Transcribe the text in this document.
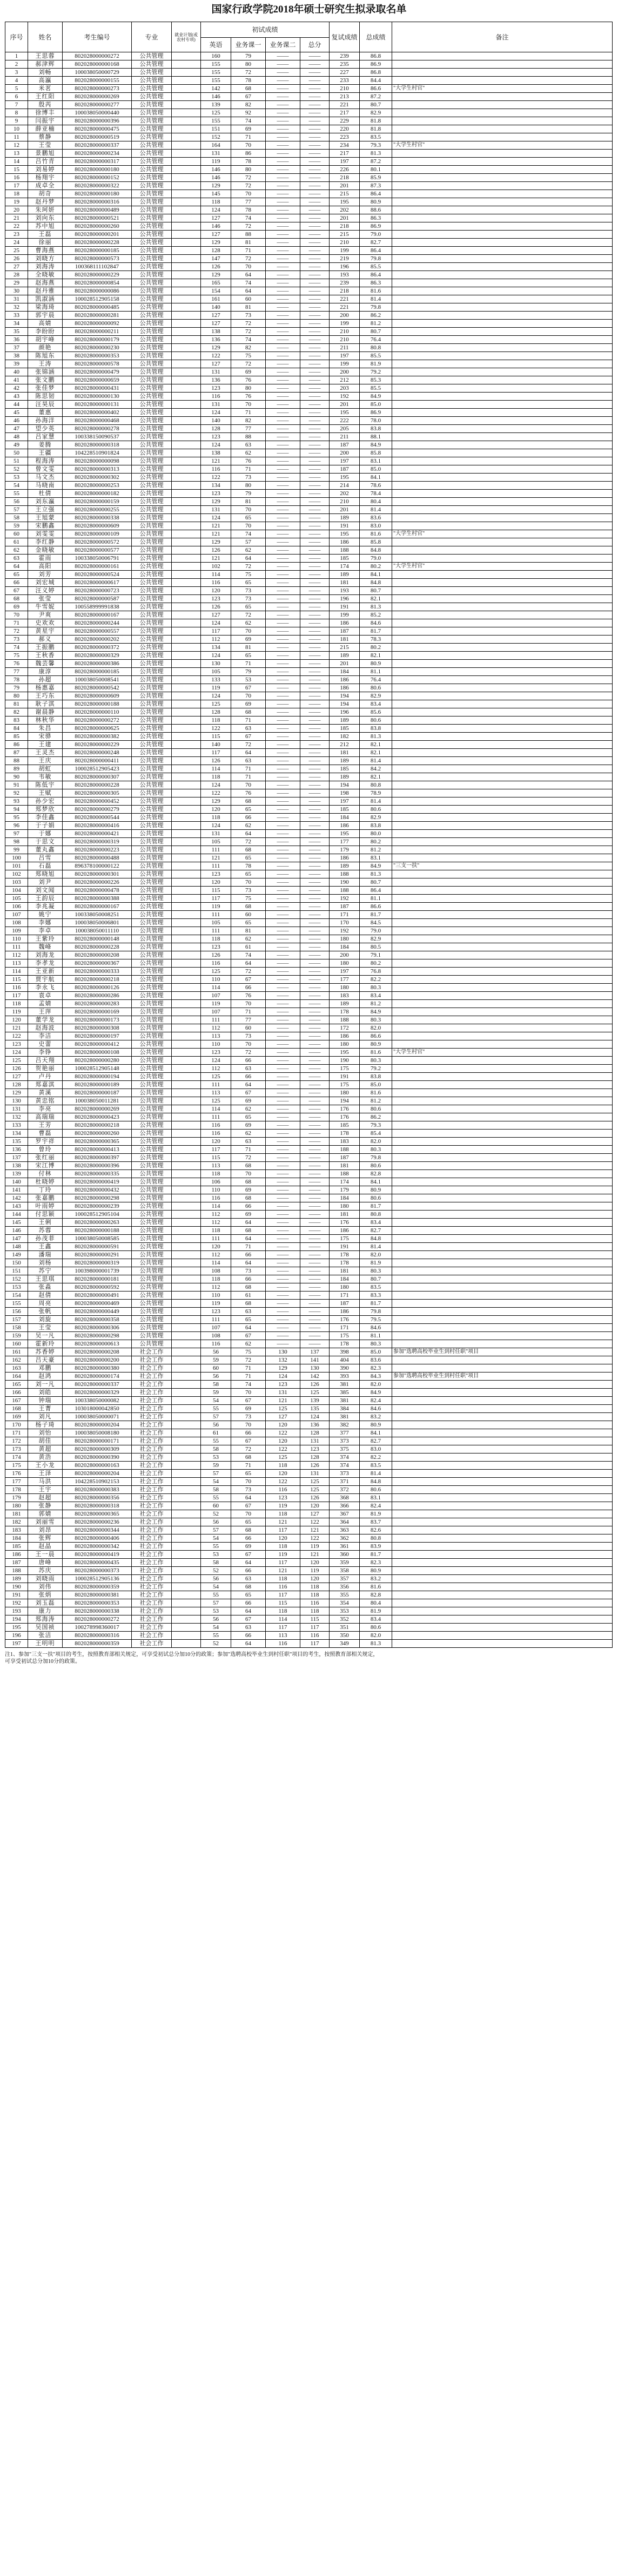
国家行政学院2018年硕士研究生拟录取名单
序号	姓名	考生编号	专业	就业计划(或农村专项)	初试成绩				复试成绩	总成绩	备注
					英语	业务课一	业务课二	总分			
1	王思蓉	802028000000272	公共管理		160	79	——	——	239	86.8	
2	郝津辉	802028000000168	公共管理		155	80	——	——	235	86.9	
3	刘畅	100038050000729	公共管理		155	72	——	——	227	86.8	
4	高瀛	802028000000155	公共管理		155	78	——	——	233	84.4	
5	米茗	802028000000273	公共管理		142	68	——	——	210	86.6	"大学生村官"
6	王红阳	802028000000269	公共管理		146	67	——	——	213	87.2	
7	殷芮	802028000000277	公共管理		139	82	——	——	221	80.7	
8	徐博丰	100038050000440	公共管理		125	92	——	——	217	82.9	
9	闫振宇	802028000000396	公共管理		155	74	——	——	229	81.8	
10	薛亚楠	802028000000475	公共管理		151	69	——	——	220	81.8	
11	蔡静	802028000000519	公共管理		152	71	——	——	223	83.5	
12	王莹	802028000000337	公共管理		164	70	——	——	234	79.3	"大学生村官"
13	景鹏旭	802028000000234	公共管理		131	86	——	——	217	81.3	
14	吕竹青	802028000000317	公共管理		119	78	——	——	197	87.2	
15	刘易婷	802028000000180	公共管理		146	80	——	——	226	80.1	
16	杨翔宇	802028000000152	公共管理		146	72	——	——	218	85.9	
17	成卓全	802028000000322	公共管理		129	72	——	——	201	87.3	
18	胡奇	802028000000180	公共管理		145	70	——	——	215	86.4	
19	赵丹梦	802028000000316	公共管理		118	77	——	——	195	80.9	
20	朱珂妍	802028000000489	公共管理		124	78	——	——	202	88.6	
21	刘向东	802028000000521	公共管理		127	74	——	——	201	86.3	
22	苏中旭	802028000000260	公共管理		146	72	——	——	218	86.9	
23	王磊	802028000000201	公共管理		127	88	——	——	215	79.0	
24	徐丽	802028000000228	公共管理		129	81	——	——	210	82.7	
25	曹海燕	802028000000185	公共管理		128	71	——	——	199	86.4	
26	刘晓方	802028000000573	公共管理		147	72	——	——	219	79.8	
27	刘海涛	100368111102847	公共管理		126	70	——	——	196	85.5	
28	全晓敏	802028000000229	公共管理		129	64	——	——	193	86.4	
29	赵海燕	802028000000854	公共管理		165	74	——	——	239	86.3	
30	赵丹雅	802028000000086	公共管理		154	64	——	——	218	81.6	
31	凯淑涵	100028512905158	公共管理		161	60	——	——	221	81.4	
32	梁海琦	802028000000485	公共管理		140	81	——	——	221	79.8	
33	郭宇晨	802028000000281	公共管理		127	73	——	——	200	86.2	
34	高婧	802028000000092	公共管理		127	72	——	——	199	81.2	
35	李盼盼	802028000000211	公共管理		138	72	——	——	210	80.7	
36	胡宇峰	802028000000179	公共管理		136	74	——	——	210	76.4	
37	颜艳	802028000000230	公共管理		129	82	——	——	211	80.8	
38	陈旭东	802028000000353	公共管理		122	75	——	——	197	85.5	
39	王涛	802028000000578	公共管理		127	72	——	——	199	81.9	
40	张锦涵	802028000000479	公共管理		131	69	——	——	200	79.2	
41	张文鹏	802028000000659	公共管理		136	76	——	——	212	85.3	
42	张佳梦	802028000000431	公共管理		123	80	——	——	203	85.5	
43	陈思韧	802028000000130	公共管理		116	76	——	——	192	84.9	
44	汪昊辰	802028000000131	公共管理		131	70	——	——	201	85.0	
45	董惠	802028000000402	公共管理		124	71	——	——	195	86.9	
46	孙海洋	802028000000468	公共管理		140	82	——	——	222	78.0	
47	望少英	802028000000278	公共管理		128	77	——	——	205	83.8	
48	吕家慧	100338150090537	公共管理		123	88	——	——	211	88.1	
49	姜腾	802028000000318	公共管理		124	63	——	——	187	84.9	
50	王疆	104228510901824	公共管理		138	62	——	——	200	85.8	
51	程海涛	802028000000098	公共管理		121	76	——	——	197	83.1	
52	曾文雯	802028000000313	公共管理		116	71	——	——	187	85.0	
53	马文杰	802028000000302	公共管理		122	73	——	——	195	84.1	
54	马晓南	802028000000253	公共管理		134	80	——	——	214	78.6	
55	杜倩	802028000000182	公共管理		123	79	——	——	202	78.4	
56	刘东瀛	802028000000159	公共管理		129	81	——	——	210	80.4	
57	王立强	802028000000255	公共管理		131	70	——	——	201	81.4	
58	王旭蒙	802028000000338	公共管理		124	65	——	——	189	83.6	
59	宋鹏鑫	802028000000609	公共管理		121	70	——	——	191	83.0	
60	刘雯雯	802028000000109	公共管理		121	74	——	——	195	81.6	"大学生村官"
61	李红静	802028000000572	公共管理		129	57	——	——	186	85.8	
62	金晓敏	802028000000577	公共管理		126	62	——	——	188	84.8	
63	霍雨	100338050006791	公共管理		121	64	——	——	185	79.0	
64	高阳	802028000000161	公共管理		102	72	——	——	174	80.2	"大学生村官"
65	刘芳	802028000000524	公共管理		114	75	——	——	189	84.1	
66	刘宏城	802028000000617	公共管理		116	65	——	——	181	84.8	
67	汪义婷	802028000000723	公共管理		120	73	——	——	193	80.7	
68	张莹	802028000000587	公共管理		123	73	——	——	196	82.1	
69	牛雪妮	100558999991838	公共管理		126	65	——	——	191	81.3	
70	尹爽	802028000000167	公共管理		127	72	——	——	199	85.2	
71	史欢欢	802028000000244	公共管理		124	62	——	——	186	84.6	
72	黄星宇	802028000000557	公共管理		117	70	——	——	187	81.7	
73	郝义	802028000000202	公共管理		112	69	——	——	181	78.3	
74	王振鹏	802028000000372	公共管理		134	81	——	——	215	80.2	
75	王秋香	802028000000329	公共管理		124	65	——	——	189	82.1	
76	魏芸馨	802028000000386	公共管理		130	71	——	——	201	80.9	
77	康淳	802028000000185	公共管理		105	79	——	——	184	81.1	
78	孙超	100038050008541	公共管理		133	53	——	——	186	76.4	
79	杨惠嘉	802028000000542	公共管理		119	67	——	——	186	80.6	
80	王巧东	802028000000609	公共管理		124	70	——	——	194	82.9	
81	耿子淇	802028000000188	公共管理		125	69	——	——	194	83.4	
82	谢晨静	802028000000110	公共管理		128	68	——	——	196	85.6	
83	林秋华	802028000000272	公共管理		118	71	——	——	189	80.6	
84	朱昌	802028000000625	公共管理		122	63	——	——	185	83.8	
85	宋骅	802028000000382	公共管理		115	67	——	——	182	81.3	
86	王建	802028000000229	公共管理		140	72	——	——	212	82.1	
87	王灵杰	802028000000248	公共管理		117	64	——	——	181	82.1	
88	王庆	802028000000411	公共管理		126	63	——	——	189	81.4	
89	胡虹	100028512905423	公共管理		114	71	——	——	185	84.2	
90	韦敏	802028000000307	公共管理		118	71	——	——	189	82.1	
91	陈低宇	802028000000228	公共管理		124	70	——	——	194	80.8	
92	王赋	802028000000305	公共管理		122	76	——	——	198	78.9	
93	孙少宏	802028000000452	公共管理		129	68	——	——	197	81.4	
94	郑梦欣	802028000000279	公共管理		120	65	——	——	185	80.6	
95	李佳鑫	802028000000544	公共管理		118	66	——	——	184	82.9	
96	于子娟	802028000000416	公共管理		124	62	——	——	186	83.8	
97	于娜	802028000000421	公共管理		131	64	——	——	195	80.0	
98	于思文	802028000000319	公共管理		105	72	——	——	177	80.2	
99	董丸鑫	802028000000223	公共管理		111	68	——	——	179	81.2	
100	吕雪	802028000000488	公共管理		121	65	——	——	186	83.1	
101	石磊	896378100000122	公共管理		111	78	——	——	189	84.9	"三支一扶"
102	郑晓旭	802028000000301	公共管理		123	65	——	——	188	81.3	
103	刘尹	802028000000226	公共管理		120	70	——	——	190	80.7	
104	刘文闻	802028000000478	公共管理		115	73	——	——	188	86.4	
105	王韵辰	802028000000388	公共管理		117	75	——	——	192	81.1	
106	李兆凝	802028000000167	公共管理		119	68	——	——	187	86.6	
107	姚宁	100338050008251	公共管理		111	60	——	——	171	81.7	
108	李娜	100038050006801	公共管理		105	65	——	——	170	84.5	
109	李卓	100038050011110	公共管理		111	81	——	——	192	79.0	
110	王紫玲	802028000000148	公共管理		118	62	——	——	180	82.9	
111	魏峰	802028000000228	公共管理		123	61	——	——	184	80.5	
112	刘海龙	802028000000208	公共管理		126	74	——	——	200	79.1	
113	李孝龙	802028000000367	公共管理		116	64	——	——	180	80.2	
114	王亚新	802028000000333	公共管理		125	72	——	——	197	76.8	
115	贾宇航	802028000000218	公共管理		110	67	——	——	177	82.2	
116	李永飞	802028000000126	公共管理		114	66	——	——	180	80.3	
117	袁卓	802028000000286	公共管理		107	76	——	——	183	83.4	
118	孟婧	802028000000283	公共管理		119	70	——	——	189	81.2	
119	王萍	802028000000169	公共管理		107	71	——	——	178	84.9	
120	董学龙	802028000000173	公共管理		111	77	——	——	188	80.3	
121	赵海波	802028000000308	公共管理		112	60	——	——	172	82.0	
122	李洁	802028000000197	公共管理		113	73	——	——	186	86.6	
123	史蕾	802028000000412	公共管理		110	70	——	——	180	80.9	
124	李铮	802028000000108	公共管理		123	72	——	——	195	81.6	"大学生村官"
125	吕天翔	802028000000280	公共管理		124	66	——	——	190	80.3	
126	贺艳丽	100028512905148	公共管理		112	63	——	——	175	79.2	
127	卢丹	802028000000194	公共管理		125	66	——	——	191	83.8	
128	郑嘉淇	802028000000189	公共管理		111	64	——	——	175	85.0	
129	黄溪	802028000000187	公共管理		113	67	——	——	180	81.6	
130	黄忠铭	100038050011281	公共管理		125	69	——	——	194	81.2	
131	李亮	802028000000269	公共管理		114	62	——	——	176	80.6	
132	高瑞瑞	802028000000423	公共管理		111	65	——	——	176	86.2	
133	王芳	802028000000218	公共管理		116	69	——	——	185	79.3	
134	曹磊	802028000000260	公共管理		116	62	——	——	178	85.4	
135	罗宇祥	802028000000365	公共管理		120	63	——	——	183	82.0	
136	曾玲	802028000000413	公共管理		117	71	——	——	188	80.3	
137	张红丽	802028000000397	公共管理		115	72	——	——	187	79.8	
138	宋江博	802028000000396	公共管理		113	68	——	——	181	80.6	
139	付林	802028000000335	公共管理		118	70	——	——	188	82.8	
140	杜晓婷	802028000000419	公共管理		106	68	——	——	174	84.1	
141	丁玲	802028000000432	公共管理		110	69	——	——	179	80.9	
142	张嘉鹏	802028000000298	公共管理		116	68	——	——	184	80.6	
143	叶雨婷	802028000000239	公共管理		114	66	——	——	180	81.7	
144	付思颖	100028512905104	公共管理		112	69	——	——	181	80.8	
145	王俐	802028000000263	公共管理		112	64	——	——	176	83.4	
146	苏蓉	802028000000188	公共管理		118	68	——	——	186	82.7	
147	孙茂菲	100038050008585	公共管理		111	64	——	——	175	84.8	
148	王鑫	802028000000591	公共管理		120	71	——	——	191	81.4	
149	潘瑞	802028000000291	公共管理		112	66	——	——	178	82.0	
150	刘杨	802028000000319	公共管理		114	64	——	——	178	81.9	
151	苏宁	100398000001739	公共管理		108	73	——	——	181	80.3	
152	王思琪	802028000000181	公共管理		118	66	——	——	184	80.7	
153	张淼	802028000000592	公共管理		112	68	——	——	180	83.5	
154	赵倩	802028000000491	公共管理		110	61	——	——	171	83.3	
155	周亮	802028000000469	公共管理		119	68	——	——	187	81.7	
156	张帆	802028000000449	公共管理		123	63	——	——	186	79.8	
157	刘旋	802028000000358	公共管理		111	65	——	——	176	79.5	
158	王莹	802028000000306	公共管理		107	64	——	——	171	84.6	
159	吴一凡	802028000000298	公共管理		108	67	——	——	175	81.1	
160	霍新玲	802028000000613	公共管理		116	62	——	——	178	80.3	
161	苏香婷	802028000000208	社会工作		56	75	130	137	398	85.0	参加"选聘高校毕业生到村任职"项目
162	吕天豪	802028000000200	社会工作		59	72	132	141	404	83.6	
163	邓鹏	802028000000380	社会工作		60	71	129	130	390	82.3	
164	赵鸿	802028000000174	社会工作		56	71	124	142	393	84.3	参加"选聘高校毕业生到村任职"项目
165	刘一凡	802028000000337	社会工作		58	74	123	126	381	82.0	
166	刘皓	802028000000329	社会工作		59	70	131	125	385	84.9	
167	钟瑞	100338050000082	社会工作		54	67	121	139	381	82.4	
168	王菁	103018000042850	社会工作		55	69	125	135	384	84.6	
169	刘凡	100038050000071	社会工作		57	73	127	124	381	83.2	
170	杨子琦	802028000000204	社会工作		56	70	120	136	382	80.9	
171	刘怡	100038050008180	社会工作		61	66	122	128	377	84.1	
172	胡佳	802028000000171	社会工作		55	67	120	131	373	82.7	
173	黄超	802028000000309	社会工作		58	72	122	123	375	83.0	
174	黄浩	802028000000390	社会工作		53	68	125	128	374	82.2	
175	王小龙	802028000000163	社会工作		59	71	118	126	374	83.5	
176	王泽	802028000000204	社会工作		57	65	120	131	373	81.4	
177	马洪	104228510902153	社会工作		54	70	122	125	371	84.8	
178	王宇	802028000000383	社会工作		58	73	116	125	372	80.6	
179	赵超	802028000000356	社会工作		55	64	123	126	368	83.1	
180	张静	802028000000318	社会工作		60	67	119	120	366	82.4	
181	郭婧	802028000000365	社会工作		52	70	118	127	367	81.9	
182	刘丽雪	802028000000236	社会工作		56	65	121	122	364	83.7	
183	刘昂	802028000000344	社会工作		57	68	117	121	363	82.6	
184	张辉	802028000000406	社会工作		54	66	120	122	362	80.8	
185	赵晶	802028000000342	社会工作		55	69	118	119	361	83.9	
186	王一晨	802028000000419	社会工作		53	67	119	121	360	81.7	
187	唐峰	802028000000435	社会工作		58	64	117	120	359	82.3	
188	苏庆	802028000000373	社会工作		52	66	121	119	358	80.9	
189	刘晓雨	100028512905136	社会工作		56	63	118	120	357	83.2	
190	刘伟	802028000000359	社会工作		54	68	116	118	356	81.6	
191	张炳	802028000000381	社会工作		55	65	117	118	355	82.8	
192	刘玉磊	802028000000353	社会工作		57	66	115	116	354	80.4	
193	康力	802028000000338	社会工作		53	64	118	118	353	81.9	
194	郑海涛	802028000000272	社会工作		56	67	114	115	352	83.4	
195	吴国祯	100278998360017	社会工作		54	63	117	117	351	80.6	
196	张洁	802028000000316	社会工作		55	66	113	116	350	82.0	
197	王明明	802028000000359	社会工作		52	64	116	117	349	81.3	
注1、参加"三支一扶"项目的考生，按照教育部相关规定，可享受初试总分加10分的政策；参加"选聘高校毕业生到村任职"项目的考生，按照教育部相关规定，
可享受初试总分加10分的政策。
